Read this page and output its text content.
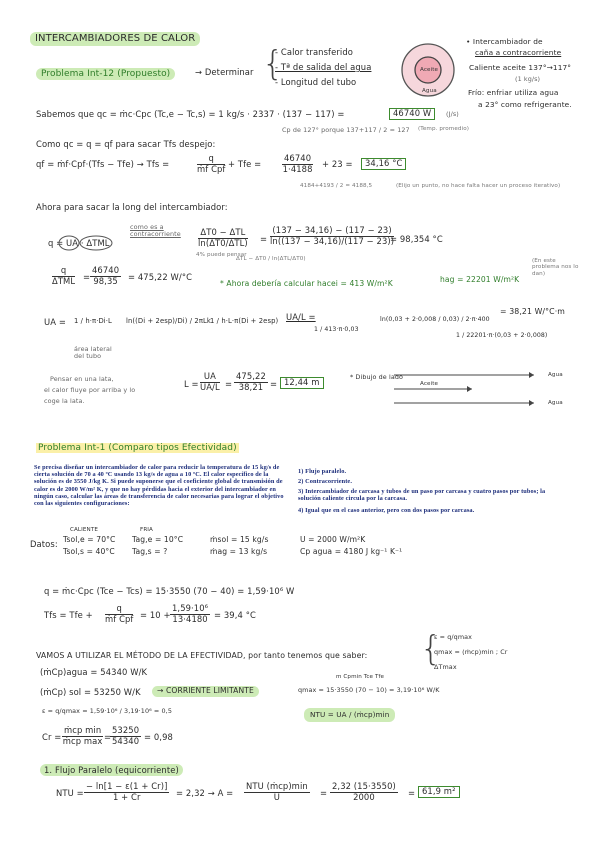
INTERCAMBIADORES DE CALOR
Problema Int-12 (Propuesto)	→ Determinar {
- Calor transferido
- Tª de salida del agua
- Longitud del tubo
Aceite
Agua
• Intercambiador de
caña a contracorriente
Caliente aceite 137°→117°
(1 kg/s)
Frío: enfriar utiliza agua
a 23° como refrigerante.
Sabemos que qc = ṁc·Cpc (Tc,e − Tc,s) = 1 kg/s · 2337 · (137 − 117) =	46740 W	(J/s)
Cp de 127° porque 137+117 / 2 = 127 (Temp. promedio)
Como qc = q = qf para sacar Tfs despejo:
qf = ṁf·Cpf·(Tfs − Tfe) → Tfs =	$\frac{q}{\text{ṁf Cpf}}$ + Tfe = $\frac{46740}{1\cdot 4188} + 23$ =	34,16 °C
4184+4193 / 2 = 4188,5	(Elijo un punto, no hace falta hacer un proceso iterativo)
Ahora para sacar la long del intercambiador:
q = UA · ΔTML
como es a contracorriente	$\frac{\text{ΔT0 − ΔTL}}{\text{ln(ΔT0/ΔTL)}} = \frac{(137 - 34,16) - (117 - 23)}{\ln((137 - 34,16)/(117 - 23))}$
= 98,354 °C
4% puede pensar
ΔTL − ΔT0 / ln(ΔTL/ΔT0)
$\frac{q}{\text{ΔTML}} = \frac{46740}{98,35} = 475,22$ W/°C
* Ahora debería calcular hacei = 413 W/m²K	hag = 22201 W/m²K
(En este problema nos lo dan)
UA = 1 / h·π·Di·L ln((Di + 2esp)/Di) / 2πLk 1 / h·L·π(Di + 2esp)
área lateral del tubo
UA/L =
1 / 413·π·0,03
ln(0,03 + 2·0,008 / 0,03) / 2·π·400
1 / 22201·π·(0,03 + 2·0,008)
= 38,21 W/°C·m
Pensar en una lata,
el calor fluye por arriba y lo
coge la lata.
$L = \frac{UA}{UA/L} = \frac{475,22}{38,21} = 12,44$ m	* Dibujo de lado	Agua
Aceite
Agua
Problema Int-1 (Comparo tipos Efectividad)
Se precisa diseñar un intercambiador de calor para reducir la temperatura de 15 kg/s de cierta solución de 70 a 40 ºC usando 13 kg/s de agua a 10 ºC. El calor específico de la solución es de 3550 J/kg K. Si puede suponerse que el coeficiente global de transmisión de calor es de 2000 W/m² K, y que no hay pérdidas hacia el exterior del intercambiador en ningún caso, calcular las áreas de transferencia de calor necesarias para lograr el objetivo con las siguientes configuraciones:
1) Flujo paralelo.
2) Contracorriente.
3) Intercambiador de carcasa y tubos de un paso por carcasa y cuatro pasos por tubos; la solución caliente circula por la carcasa.
4) Igual que en el caso anterior, pero con dos pasos por carcasa.
CALIENTE	FRIA
Datos: Tsol,e = 70°C Tag,e = 10°C	ṁsol = 15 kg/s	U = 2000 W/m²K
Tsol,s = 40°C Tag,s = ?	ṁag = 13 kg/s	Cp agua = 4180 J kg⁻¹ K⁻¹
q = ṁc·Cpc (Tce − Tcs) = 15·3550 (70 − 40) = 1,59·10⁶ W
Tfs = Tfe + $\frac{q}{\text{ṁf Cpf}} = 10 + \frac{\text{1,59·10⁶}}{13\cdot 4180} = 39,4$ °C
VAMOS A UTILIZAR EL MÉTODO DE LA EFECTIVIDAD, por tanto tenemos que saber: {
ε = q/qmax
qmax = (ṁcp)min ; Cr
ΔTmax
(ṁCp)agua = 54340 W/K
(ṁCp) sol = 53250 W/K	→ CORRIENTE LIMITANTE
m Cpmin Tce Tfe
qmax = 15·3550 (70 − 10) = 3,19·10⁶ W/K
ε = q/qmax = 1,59·10⁶ / 3,19·10⁶ = 0,5	NTU = UA / (ṁcp)min
$Cr = \frac{\text{ṁcp min}}{\text{ṁcp max}}$ =
$\frac{53250}{54340} = 0,98$
1. Flujo Paralelo (equicorriente)
NTU = $\frac{- \ln[1 - \varepsilon(1 + Cr)]}{1 + Cr} = 2,32 \to A = \frac{\text{NTU (ṁcp)min}}{U} = \frac{2,32 (15\cdot 3550)}{2000} = 61,9$ m²
